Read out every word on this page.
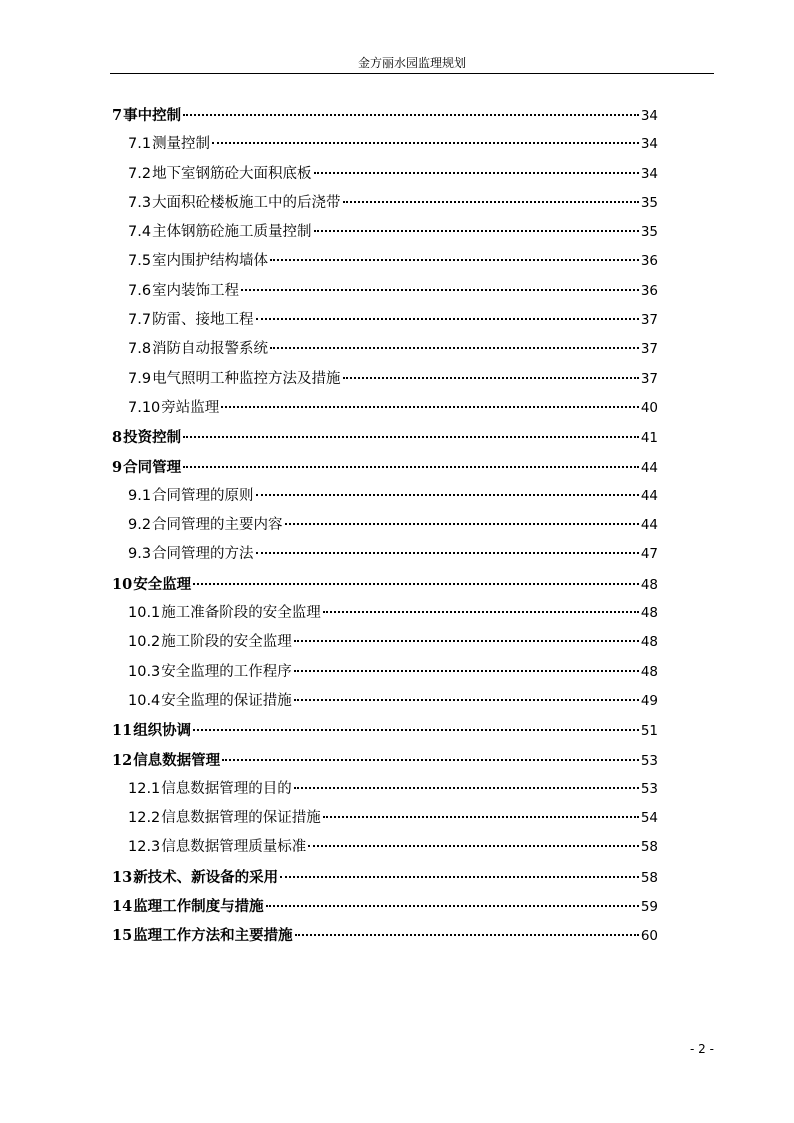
金方丽水园监理规划
7 事中控制	34
7.1 测量控制	34
7.2 地下室钢筋砼大面积底板	34
7.3 大面积砼楼板施工中的后浇带	35
7.4 主体钢筋砼施工质量控制	35
7.5 室内围护结构墙体	36
7.6 室内装饰工程	36
7.7 防雷、接地工程	37
7.8 消防自动报警系统	37
7.9 电气照明工种监控方法及措施	37
7.10 旁站监理	40
8 投资控制	41
9 合同管理	44
9.1 合同管理的原则	44
9.2 合同管理的主要内容	44
9.3 合同管理的方法	47
10 安全监理	48
10.1 施工准备阶段的安全监理	48
10.2 施工阶段的安全监理	48
10.3 安全监理的工作程序	48
10.4 安全监理的保证措施	49
11 组织协调	51
12 信息数据管理	53
12.1 信息数据管理的目的	53
12.2 信息数据管理的保证措施	54
12.3 信息数据管理质量标准	58
13 新技术、新设备的采用	58
14 监理工作制度与措施	59
15 监理工作方法和主要措施	60
- 2 -
